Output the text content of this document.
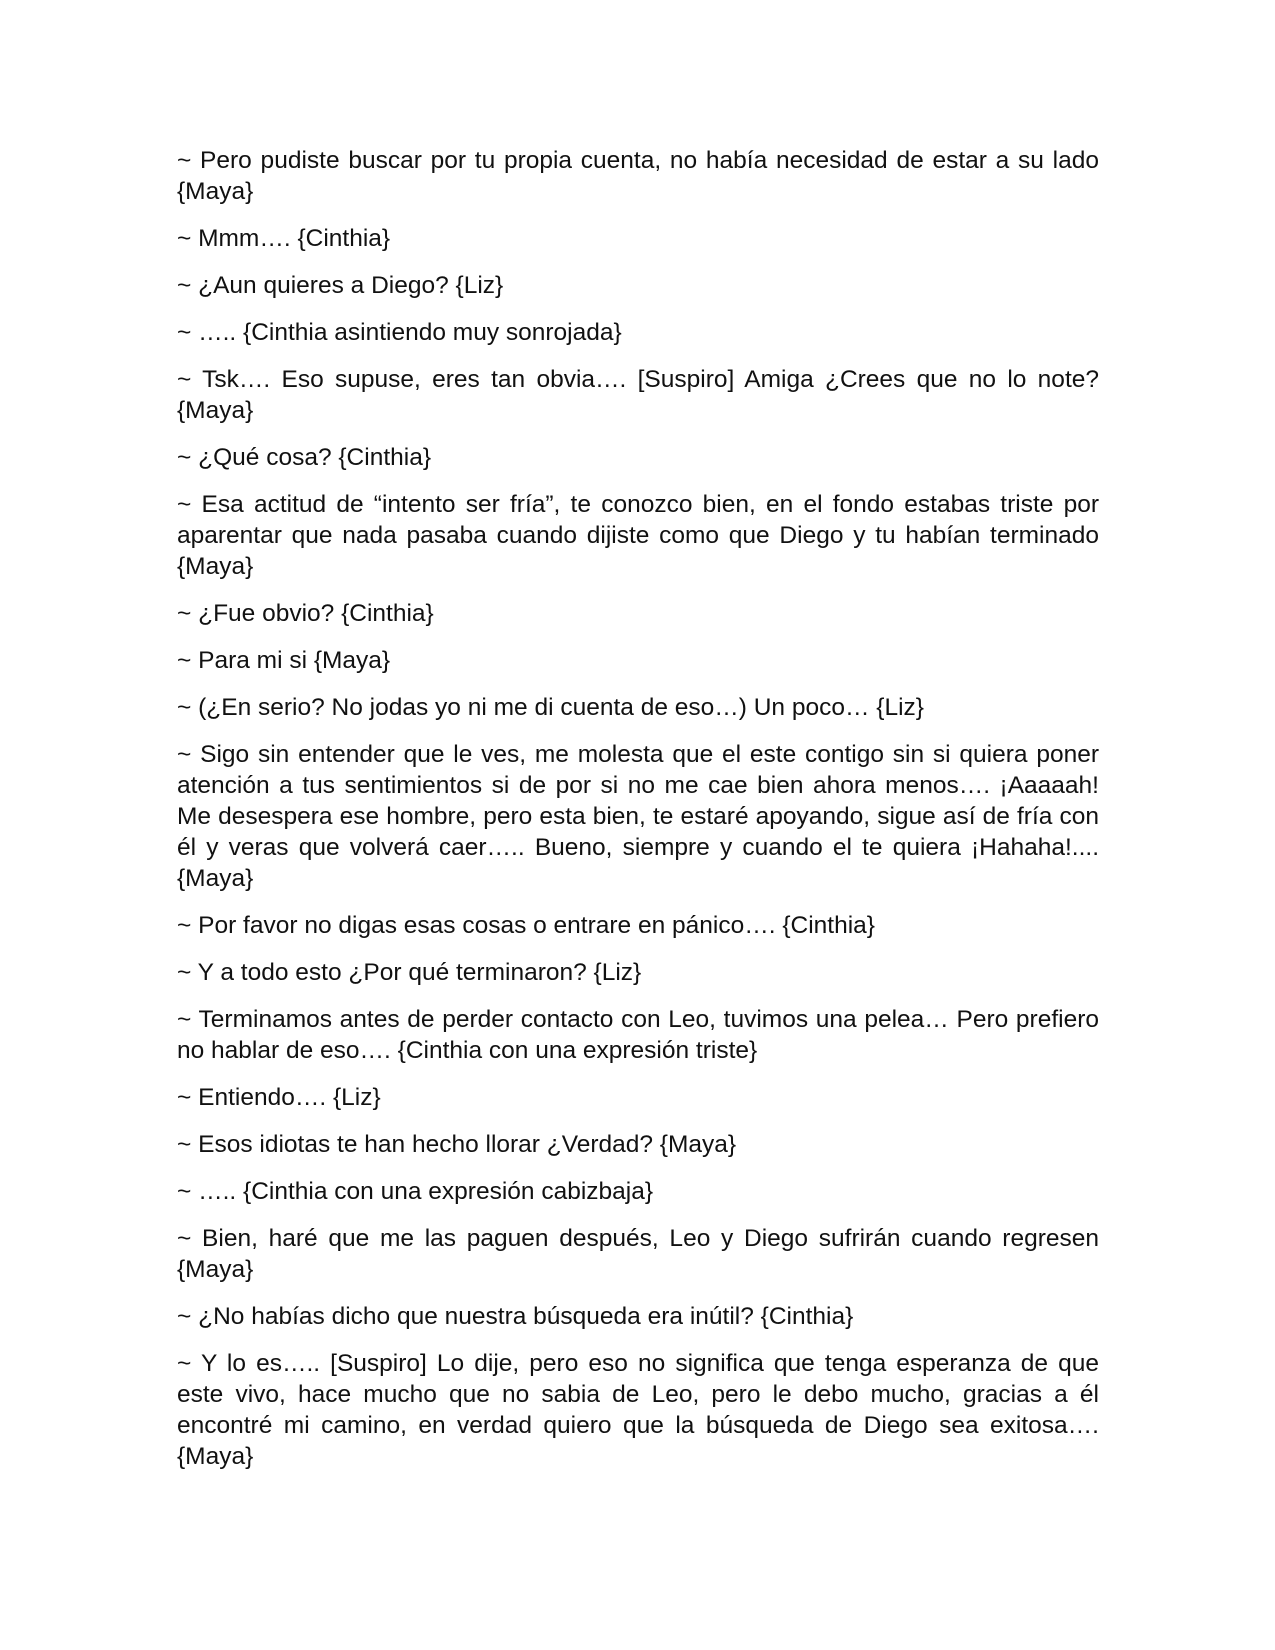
~ Pero pudiste buscar por tu propia cuenta, no había necesidad de estar a su lado {Maya}

~ Mmm…. {Cinthia}

~ ¿Aun quieres a Diego? {Liz}

~ ….. {Cinthia asintiendo muy sonrojada}

~ Tsk…. Eso supuse, eres tan obvia…. [Suspiro] Amiga ¿Crees que no lo note? {Maya}

~ ¿Qué cosa? {Cinthia}

~ Esa actitud de “intento ser fría”, te conozco bien, en el fondo estabas triste por aparentar que nada pasaba cuando dijiste como que Diego y tu habían terminado {Maya}

~ ¿Fue obvio? {Cinthia}

~ Para mi si {Maya}

~ (¿En serio? No jodas yo ni me di cuenta de eso…) Un poco… {Liz}

~ Sigo sin entender que le ves, me molesta que el este contigo sin si quiera poner atención a tus sentimientos si de por si no me cae bien ahora menos…. ¡Aaaaah! Me desespera ese hombre, pero esta bien, te estaré apoyando, sigue así de fría con él y veras que volverá caer….. Bueno, siempre y cuando el te quiera ¡Hahaha!.... {Maya}

~ Por favor no digas esas cosas o entrare en pánico…. {Cinthia}

~ Y a todo esto ¿Por qué terminaron? {Liz}

~ Terminamos antes de perder contacto con Leo, tuvimos una pelea… Pero prefiero no hablar de eso…. {Cinthia con una expresión triste}

~ Entiendo…. {Liz}

~ Esos idiotas te han hecho llorar ¿Verdad? {Maya}

~ ….. {Cinthia con una expresión cabizbaja}

~ Bien, haré que me las paguen después, Leo y Diego sufrirán cuando regresen {Maya}

~ ¿No habías dicho que nuestra búsqueda era inútil? {Cinthia}

~ Y lo es….. [Suspiro] Lo dije, pero eso no significa que tenga esperanza de que este vivo, hace mucho que no sabia de Leo, pero le debo mucho, gracias a él encontré mi camino, en verdad quiero que la búsqueda de Diego sea exitosa…. {Maya}
